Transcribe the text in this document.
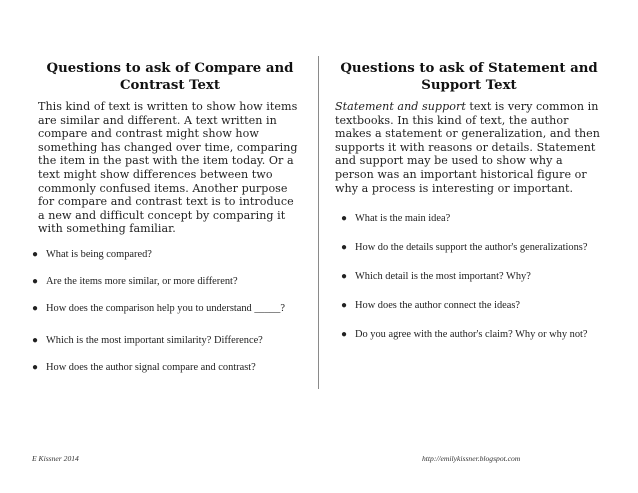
Questions to ask of Compare and Contrast Text

This kind of text is written to show how items are similar and different. A text written in compare and contrast might show how something has changed over time, comparing the item in the past with the item today. Or a text might show differences between two commonly confused items. Another purpose for compare and contrast text is to introduce a new and difficult concept by comparing it with something familiar.

● What is being compared?
● Are the items more similar, or more different?
● How does the comparison help you to understand _____?
● Which is the most important similarity? Difference?
● How does the author signal compare and contrast?
Questions to ask of Statement and Support Text

Statement and support text is very common in textbooks. In this kind of text, the author makes a statement or generalization, and then supports it with reasons or details. Statement and support may be used to show why a person was an important historical figure or why a process is interesting or important.

● What is the main idea?
● How do the details support the author's generalizations?
● Which detail is the most important? Why?
● How does the author connect the ideas?
● Do you agree with the author's claim? Why or why not?
E Kissner 2014	http://emilykissner.blogspot.com
